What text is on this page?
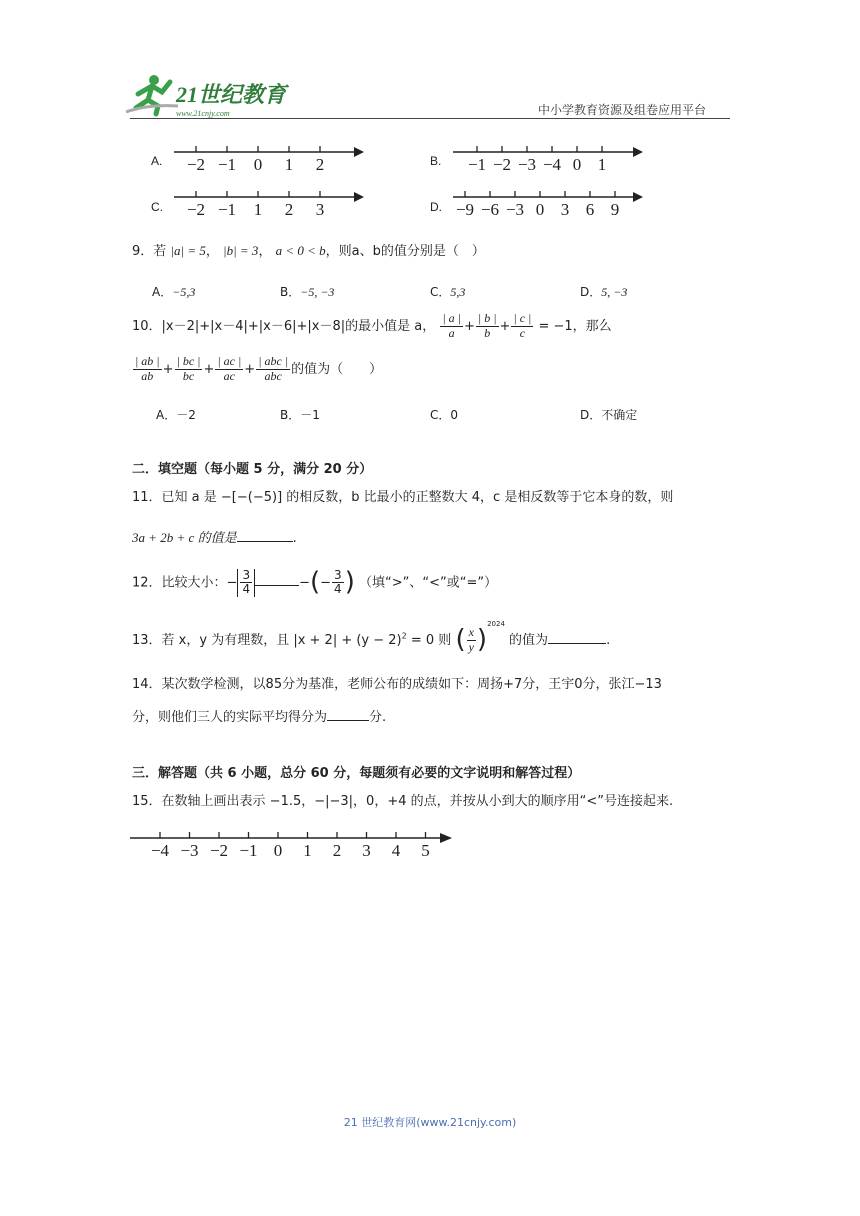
21世纪教育
www.21cnjy.com	中小学教育资源及组卷应用平台
A. −2 −1 0 1 2	B. −1 −2 −3 −4 0 1
C. −2 −1 1 2 3	D. −9 −6 −3 0 3 6 9
9．若 |a| = 5， |b| = 3， a < 0 < b，则a、b的值分别是（　）
A．−5,3	B．−5, −3	C．5,3	D．5, −3
10．|x－2|+|x－4|+|x－6|+|x－8|的最小值是 a， $\frac{| a |}{a} + \frac{| b |}{b} + \frac{| c |}{c} = -1$，那么
$\frac{| ab |}{ab} + \frac{| bc |}{bc} + \frac{| ac |}{ac} + \frac{\text{| abc |}}{\text{abc}}$ 的值为（　　）
A．－2	B．－1	C．0	D．不确定
二．填空题（每小题 5 分，满分 20 分）
11．已知 a 是 −[−(−5)] 的相反数，b 比最小的正整数大 4，c 是相反数等于它本身的数，则
3a + 2b + c 的值是	.
12．比较大小：− $\frac{3}{4}$	−(− $\frac{3}{4}$ ) （填“>”、“<”或“=”）
13．若 x，y 为有理数，且 $|x + 2| + (y - 2)^2 = 0$ 则 ( $\frac{x}{y} )^{2024}$ 的值为	.
14．某次数学检测，以85分为基准，老师公布的成绩如下：周扬+7分，王宇0分，张江−13
分，则他们三人的实际平均得分为	分.
三．解答题（共 6 小题，总分 60 分，每题须有必要的文字说明和解答过程）
15．在数轴上画出表示 −1.5，−|−3|，0，+4 的点，并按从小到大的顺序用“<”号连接起来.
−4 −3 −2 −1 0 1 2 3 4 5
21 世纪教育网(www.21cnjy.com)
